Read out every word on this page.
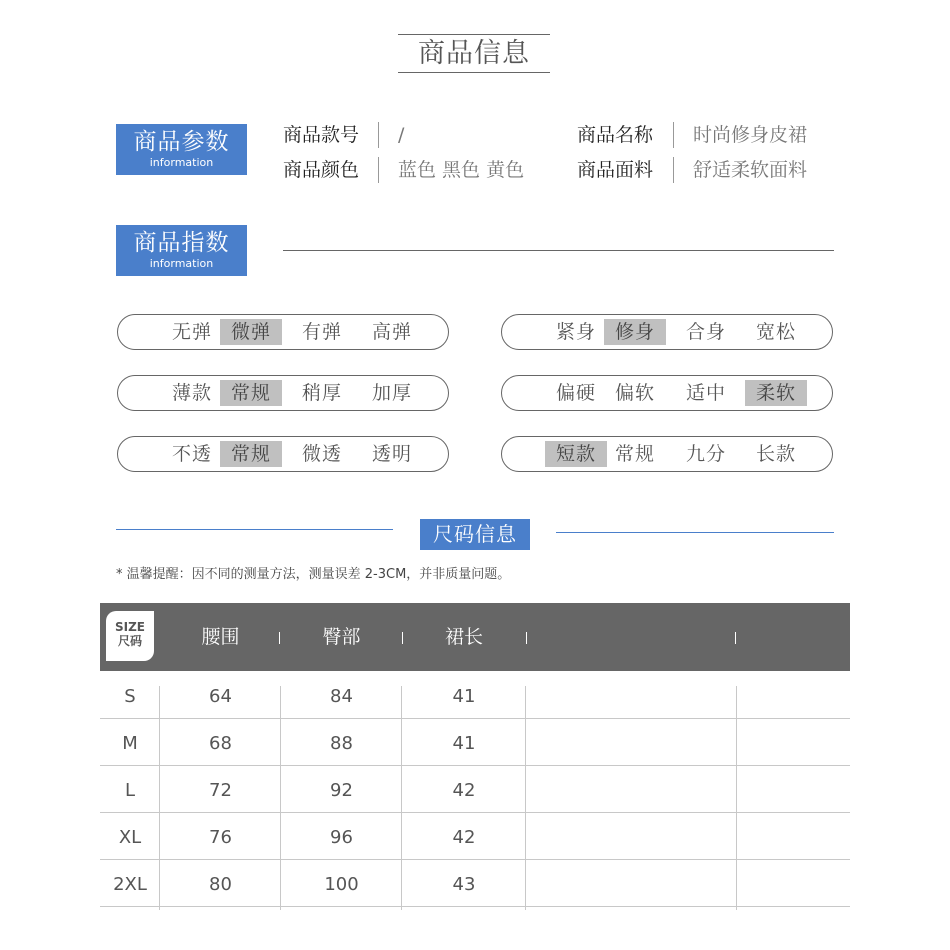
商品信息
商品参数
information
商品款号 /	商品名称 时尚修身皮裙
商品颜色 蓝色 黑色 黄色	商品面料 舒适柔软面料
商品指数
information
无弹 微弹	有弹	高弹	紧身 修身	合身	宽松
薄款 常规	稍厚	加厚	偏硬 偏软	适中	柔软
不透 常规	微透	透明	短款 常规	九分	长款
尺码信息
* 温馨提醒：因不同的测量方法，测量误差 2-3CM，并非质量问题。
SIZE
尺码	腰围	臀部	裙长
S	64	84	41
M	68	88	41
L	72	92	42
XL	76	96	42
2XL	80	100	43
